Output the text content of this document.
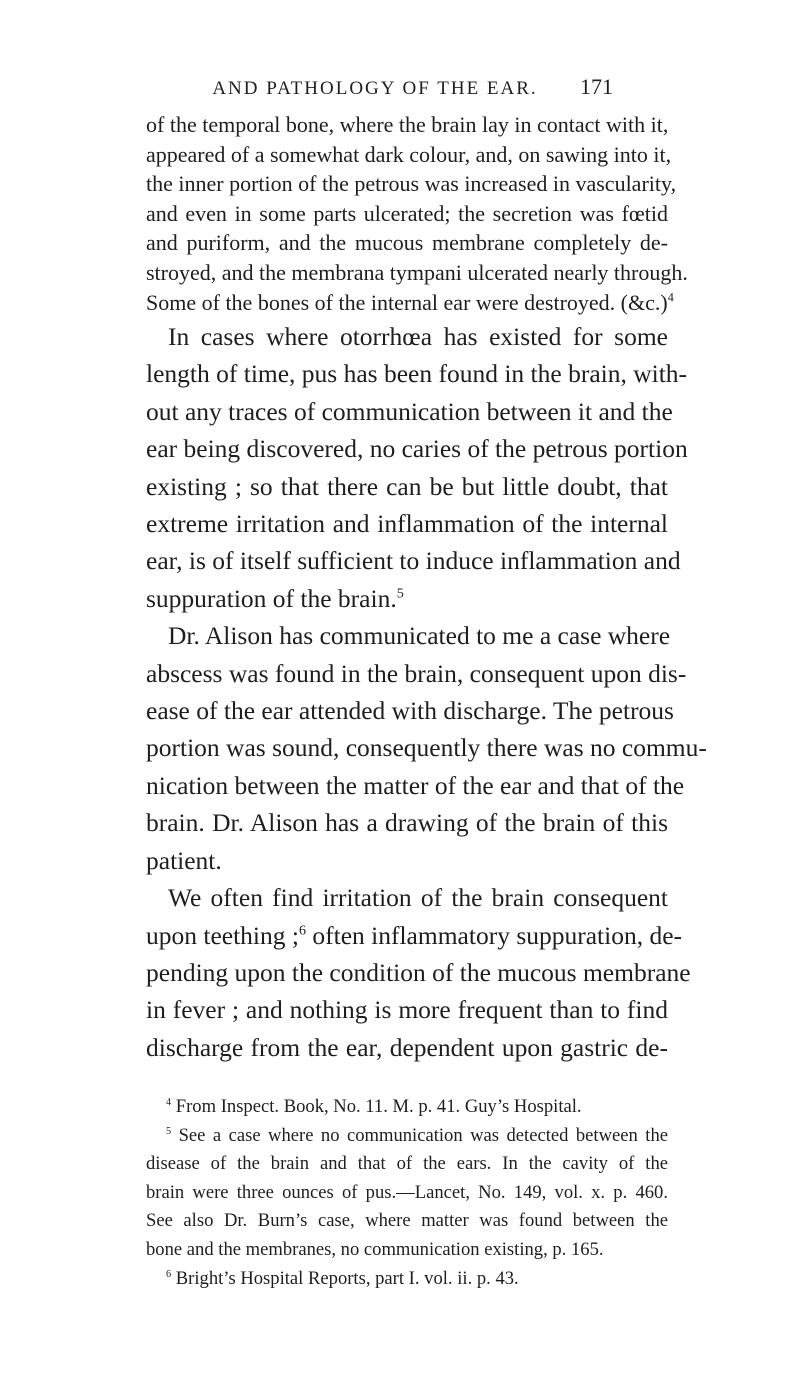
AND PATHOLOGY OF THE EAR.	171
of the temporal bone, where the brain lay in contact with it,
appeared of a somewhat dark colour, and, on sawing into it,
the inner portion of the petrous was increased in vascularity,
and even in some parts ulcerated; the secretion was fœtid
and puriform, and the mucous membrane completely de-
stroyed, and the membrana tympani ulcerated nearly through.
Some of the bones of the internal ear were destroyed. (&c.)$^4$
In cases where otorrhœa has existed for some
length of time, pus has been found in the brain, with-
out any traces of communication between it and the
ear being discovered, no caries of the petrous portion
existing ; so that there can be but little doubt, that
extreme irritation and inflammation of the internal
ear, is of itself sufficient to induce inflammation and
suppuration of the brain.$^5$
Dr. Alison has communicated to me a case where
abscess was found in the brain, consequent upon dis-
ease of the ear attended with discharge. The petrous
portion was sound, consequently there was no commu-
nication between the matter of the ear and that of the
brain. Dr. Alison has a drawing of the brain of this
patient.
We often find irritation of the brain consequent
upon teething ;$^6$ often inflammatory suppuration, de-
pending upon the condition of the mucous membrane
in fever ; and nothing is more frequent than to find
discharge from the ear, dependent upon gastric de-
$^4$ From Inspect. Book, No. 11. M. p. 41. Guy’s Hospital.
$^5$ See a case where no communication was detected between the
disease of the brain and that of the ears. In the cavity of the
brain were three ounces of pus.—Lancet, No. 149, vol. x. p. 460.
See also Dr. Burn’s case, where matter was found between the
bone and the membranes, no communication existing, p. 165.
$^6$ Bright’s Hospital Reports, part I. vol. ii. p. 43.
